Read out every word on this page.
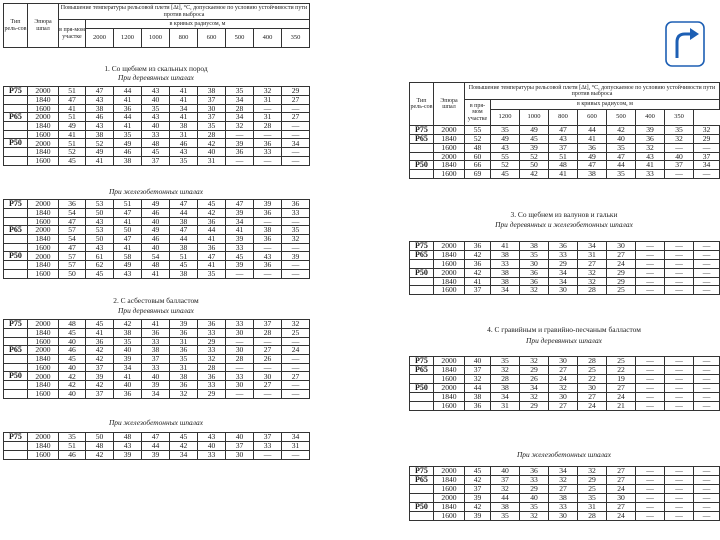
Тип рель-сов	Эпюра шпал	Повышение температуры рельсовой плети [Δt], °С, допускаемое по условию устойчивости пути против выброса								
		в пря-мом участке	в кривых радиусом, м							
			2000	1200	1000	800	600	500	400	350
1. Со щебнем из скальных пород
При деревянных шпалах
Р75	2000	51	47	44	43	41	38	35	32	29
	1840	47	43	41	40	41	37	34	31	27
	1600	41	38	36	35	34	30	28	—	—
Р65	2000	51	46	44	43	41	37	34	31	27
	1840	49	43	41	40	38	35	32	28	—
	1600	41	38	35	33	31	28	—	—	—
Р50	2000	51	52	49	48	46	42	39	36	34
	1840	52	49	46	45	43	40	36	33	—
	1600	45	41	38	37	35	31	—	—	—
При железобетонных шпалах
Р75	2000	36	53	51	49	47	45	47	39	36
	1840	54	50	47	46	44	42	39	36	33
	1600	47	43	41	40	38	36	34	—	—
Р65	2000	57	53	50	49	47	44	41	38	35
	1840	54	50	47	46	44	41	39	36	32
	1600	47	43	41	40	38	36	33	—	—
Р50	2000	57	61	58	54	51	47	45	43	39
	1840	57	62	49	48	45	41	39	36	—
	1600	50	45	43	41	38	35	—	—	—
2. С асбестовым балластом
При деревянных шпалах
Р75	2000	48	45	42	41	39	36	33	37	32
	1840	45	41	38	36	36	33	30	28	25
	1600	40	36	35	33	31	29	—	—	—
Р65	2000	46	42	40	38	36	33	30	27	24
	1840	45	42	39	37	35	32	28	26	—
	1600	40	37	34	33	31	28	—	—	—
Р50	2000	42	39	41	40	38	36	33	30	27
	1840	42	42	40	39	36	33	30	27	—
	1600	40	37	36	34	32	29	—	—	—
При железобетонных шпалах
Р75	2000	35	50	48	47	45	43	40	37	34
	1840	51	48	43	44	42	40	37	33	31
	1600	46	42	39	39	34	33	30	—	—
Тип рель-сов	Эпюра шпал	Повышение температуры рельсовой плети [Δt], °С, допускаемое по условию устойчивости пути против выброса							
		в пря-мом участке	в кривых радиусом, м						
			1200	1000	800	600	500	400	350
Р75	2000	55	35	49	47	44	42	39	35	32
Р65	1840	52	49	45	43	41	40	36	32	29
	1600	48	43	39	37	36	35	32	—	—
	2000	60	55	52	51	49	47	43	40	37
Р50	1840	66	52	50	48	47	44	41	37	34
	1600	69	45	42	41	38	35	33	—	—
3. Со щебнем из валунов и гальки
При деревянных и железобетонных шпалах
Р75	2000	36	41	38	36	34	30	—	—	—
Р65	1840	42	38	35	33	31	27	—	—	—
	1600	36	33	30	29	27	24	—	—	—
Р50	2000	42	38	36	34	32	29	—	—	—
	1840	41	38	36	34	32	29	—	—	—
	1600	37	34	32	30	28	25	—	—	—
4. С гравийным и гравийно-песчаным балластом
При деревянных шпалах
Р75	2000	40	35	32	30	28	25	—	—	—
Р65	1840	37	32	29	27	25	22	—	—	—
	1600	32	28	26	24	22	19	—	—	—
Р50	2000	44	38	34	32	30	27	—	—	—
	1840	38	34	32	30	27	24	—	—	—
	1600	36	31	29	27	24	21	—	—	—
При железобетонных шпалах
Р75	2000	45	40	36	34	32	27	—	—	—
Р65	1840	42	37	33	32	29	27	—	—	—
	1600	37	32	29	27	25	24	—	—	—
	2000	39	44	40	38	35	30	—	—	—
Р50	1840	42	38	35	33	31	27	—	—	—
	1600	39	35	32	30	28	24	—	—	—
